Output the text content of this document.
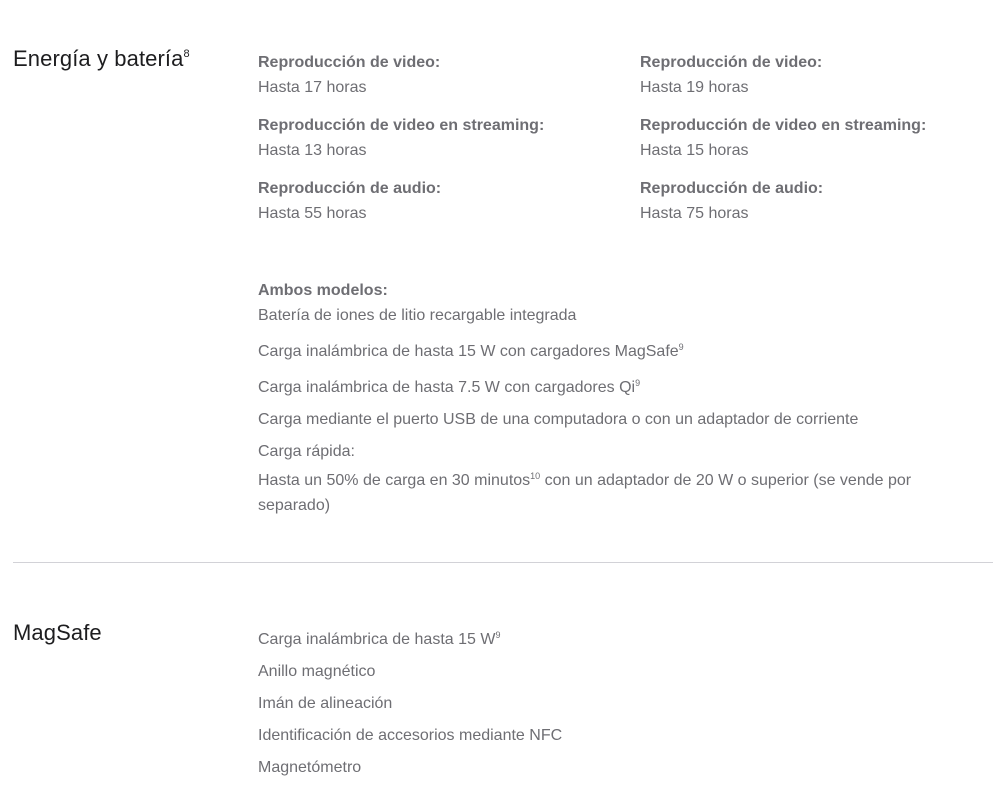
Energía y batería$^8$	Reproducción de video:
Hasta 17 horas
Reproducción de video en streaming:
Hasta 13 horas
Reproducción de audio:
Hasta 55 horas
Reproducción de video:
Hasta 19 horas
Reproducción de video en streaming:
Hasta 15 horas
Reproducción de audio:
Hasta 75 horas
Ambos modelos:
Batería de iones de litio recargable integrada
Carga inalámbrica de hasta 15 W con cargadores MagSafe$^9$
Carga inalámbrica de hasta 7.5 W con cargadores Qi$^9$
Carga mediante el puerto USB de una computadora o con un adaptador de corriente
Carga rápida:
Hasta un 50% de carga en 30 minutos$^{10}$ con un adaptador de 20 W o superior (se vende por separado)
MagSafe	Carga inalámbrica de hasta 15 $W^9$
Anillo magnético
Imán de alineación
Identificación de accesorios mediante NFC
Magnetómetro
